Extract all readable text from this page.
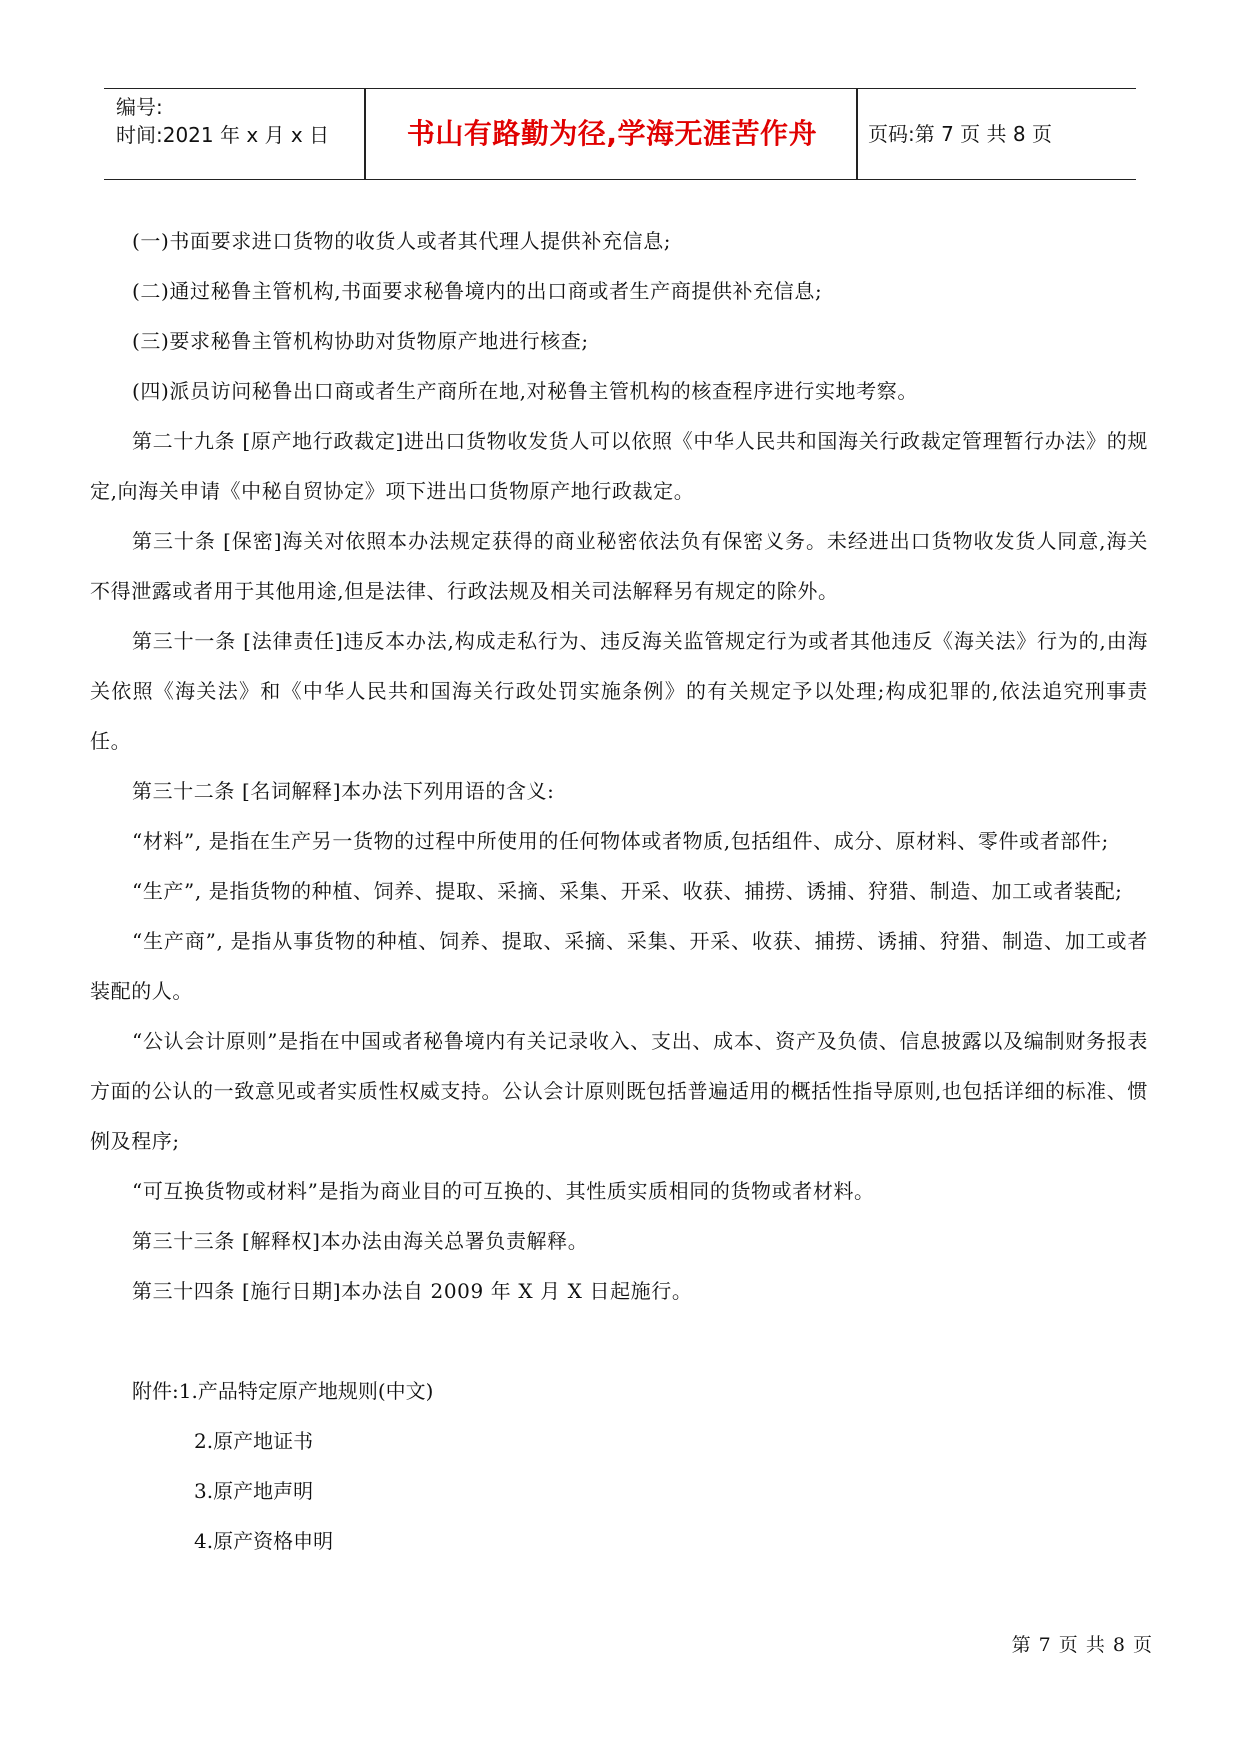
编号:
时间:2021 年 x 月 x 日	书山有路勤为径,学海无涯苦作舟	页码:第 7 页 共 8 页

(一)书面要求进口货物的收货人或者其代理人提供补充信息;

(二)通过秘鲁主管机构,书面要求秘鲁境内的出口商或者生产商提供补充信息;

(三)要求秘鲁主管机构协助对货物原产地进行核查;

(四)派员访问秘鲁出口商或者生产商所在地,对秘鲁主管机构的核查程序进行实地考察。

第二十九条 [原产地行政裁定]进出口货物收发货人可以依照《中华人民共和国海关行政裁定管理暂行办法》的规定,向海关申请《中秘自贸协定》项下进出口货物原产地行政裁定。

第三十条 [保密]海关对依照本办法规定获得的商业秘密依法负有保密义务。未经进出口货物收发货人同意,海关不得泄露或者用于其他用途,但是法律、行政法规及相关司法解释另有规定的除外。

第三十一条 [法律责任]违反本办法,构成走私行为、违反海关监管规定行为或者其他违反《海关法》行为的,由海关依照《海关法》和《中华人民共和国海关行政处罚实施条例》的有关规定予以处理;构成犯罪的,依法追究刑事责任。

第三十二条 [名词解释]本办法下列用语的含义:

“材料”, 是指在生产另一货物的过程中所使用的任何物体或者物质,包括组件、成分、原材料、零件或者部件;

“生产”, 是指货物的种植、饲养、提取、采摘、采集、开采、收获、捕捞、诱捕、狩猎、制造、加工或者装配;

“生产商”, 是指从事货物的种植、饲养、提取、采摘、采集、开采、收获、捕捞、诱捕、狩猎、制造、加工或者装配的人。

“公认会计原则”是指在中国或者秘鲁境内有关记录收入、支出、成本、资产及负债、信息披露以及编制财务报表方面的公认的一致意见或者实质性权威支持。公认会计原则既包括普遍适用的概括性指导原则,也包括详细的标准、惯例及程序;

“可互换货物或材料”是指为商业目的可互换的、其性质实质相同的货物或者材料。

第三十三条 [解释权]本办法由海关总署负责解释。

第三十四条 [施行日期]本办法自 2009 年 X 月 X 日起施行。

附件:1.产品特定原产地规则(中文)
2.原产地证书
3.原产地声明
4.原产资格申明
第 7 页 共 8 页
